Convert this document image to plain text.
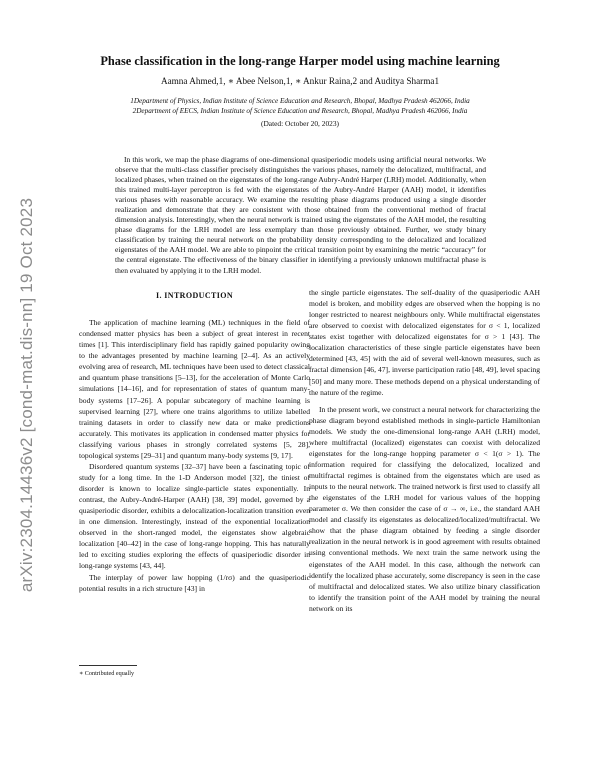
arXiv:2304.14436v2 [cond-mat.dis-nn] 19 Oct 2023
Phase classification in the long-range Harper model using machine learning
Aamna Ahmed,1, ∗ Abee Nelson,1, ∗ Ankur Raina,2 and Auditya Sharma1
1Department of Physics, Indian Institute of Science Education and Research, Bhopal, Madhya Pradesh 462066, India
2Department of EECS, Indian Institute of Science Education and Research, Bhopal, Madhya Pradesh 462066, India
(Dated: October 20, 2023)

In this work, we map the phase diagrams of one-dimensional quasiperiodic models using artificial neural networks. We observe that the multi-class classifier precisely distinguishes the various phases, namely the delocalized, multifractal, and localized phases, when trained on the eigenstates of the long-range Aubry-André Harper (LRH) model. Additionally, when this trained multi-layer perceptron is fed with the eigenstates of the Aubry-André Harper (AAH) model, it identifies various phases with reasonable accuracy. We examine the resulting phase diagrams produced using a single disorder realization and demonstrate that they are consistent with those obtained from the conventional method of fractal dimension analysis. Interestingly, when the neural network is trained using the eigenstates of the AAH model, the resulting phase diagrams for the LRH model are less exemplary than those previously obtained. Further, we study binary classification by training the neural network on the probability density corresponding to the delocalized and localized eigenstates of the AAH model. We are able to pinpoint the critical transition point by examining the metric “accuracy” for the central eigenstate. The effectiveness of the binary classifier in identifying a previously unknown multifractal phase is then evaluated by applying it to the LRH model.

I. INTRODUCTION

The application of machine learning (ML) techniques in the field of condensed matter physics has been a subject of great interest in recent times [1]. This interdisciplinary field has rapidly gained popularity owing to the advantages presented by machine learning [2–4]. As an actively evolving area of research, ML techniques have been used to detect classical and quantum phase transitions [5–13], for the acceleration of Monte Carlo simulations [14–16], and for representation of states of quantum many-body systems [17–26]. A popular subcategory of machine learning is supervised learning [27], where one trains algorithms to utilize labelled training datasets in order to classify new data or make predictions accurately. This motivates its application in condensed matter physics for classifying various phases in strongly correlated systems [5, 28], topological systems [29–31] and quantum many-body systems [9, 17].

Disordered quantum systems [32–37] have been a fascinating topic of study for a long time. In the 1-D Anderson model [32], the tiniest of disorder is known to localize single-particle states exponentially. In contrast, the Aubry-André-Harper (AAH) [38, 39] model, governed by a quasiperiodic disorder, exhibits a delocalization-localization transition even in one dimension. Interestingly, instead of the exponential localization observed in the short-ranged model, the eigenstates show algebraic localization [40–42] in the case of long-range hopping. This has naturally led to exciting studies exploring the effects of quasiperiodic disorder in long-range systems [43, 44].

The interplay of power law hopping (1/rσ) and the quasiperiodic potential results in a rich structure [43] in

∗ Contributed equally

the single particle eigenstates. The self-duality of the quasiperiodic AAH model is broken, and mobility edges are observed when the hopping is no longer restricted to nearest neighbours only. While multifractal eigenstates are observed to coexist with delocalized eigenstates for σ < 1, localized states exist together with delocalized eigenstates for σ > 1 [43]. The localization characteristics of these single particle eigenstates have been determined [43, 45] with the aid of several well-known measures, such as fractal dimension [46, 47], inverse participation ratio [48, 49], level spacing [50] and many more. These methods depend on a physical understanding of the nature of the regime.

In the present work, we construct a neural network for characterizing the phase diagram beyond established methods in single-particle Hamiltonian models. We study the one-dimensional long-range AAH (LRH) model, where multifractal (localized) eigenstates can coexist with delocalized eigenstates for the long-range hopping parameter σ < 1(σ > 1). The information required for classifying the delocalized, localized and multifractal regimes is obtained from the eigenstates which are used as inputs to the neural network. The trained network is first used to classify all the eigenstates of the LRH model for various values of the hopping parameter σ. We then consider the case of σ → ∞, i.e., the standard AAH model and classify its eigenstates as delocalized/localized/multifractal. We show that the phase diagram obtained by feeding a single disorder realization in the neural network is in good agreement with results obtained using conventional methods. We next train the same network using the eigenstates of the AAH model. In this case, although the network can identify the localized phase accurately, some discrepancy is seen in the case of multifractal and delocalized states. We also utilize binary classification to identify the transition point of the AAH model by training the neural network on its
